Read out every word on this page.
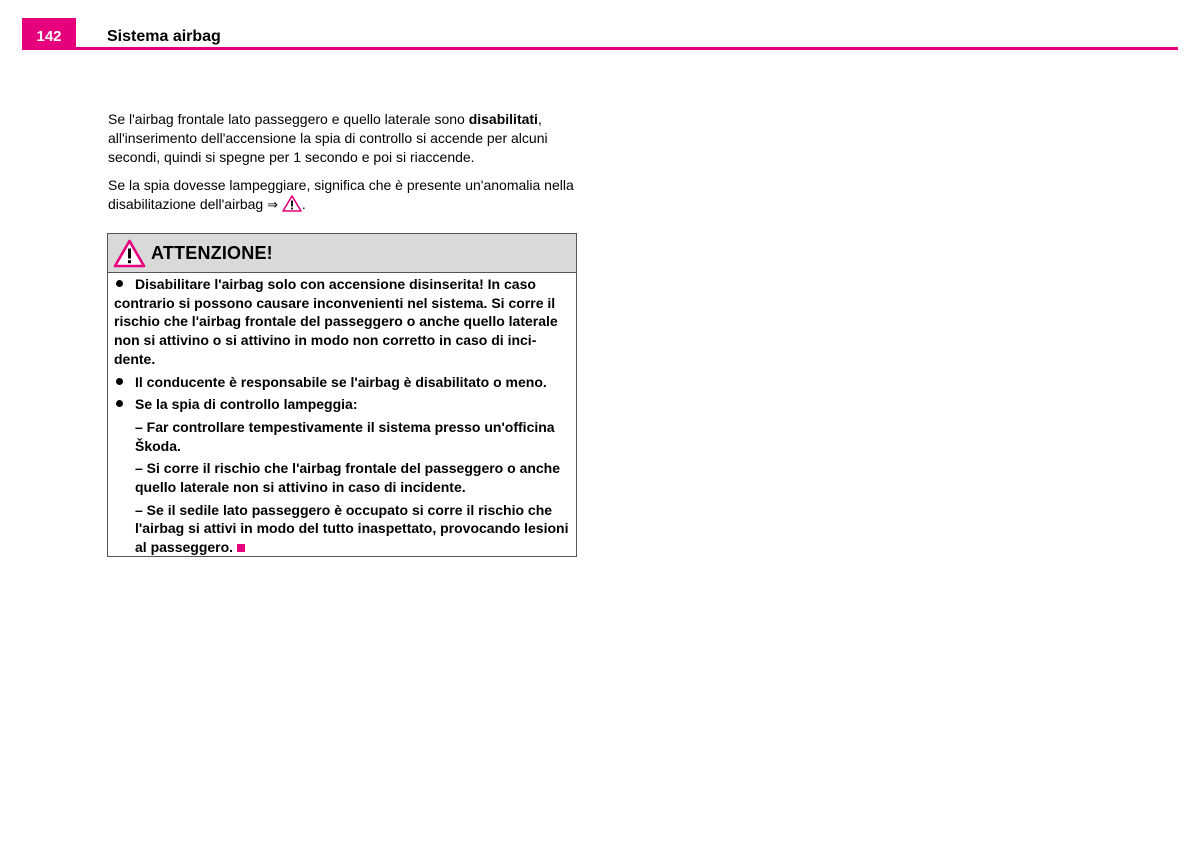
142	Sistema airbag

Se l'airbag frontale lato passeggero e quello laterale sono disabilitati, all'inserimento dell'accensione la spia di controllo si accende per alcuni secondi, quindi si spegne per 1 secondo e poi si riaccende.

Se la spia dovesse lampeggiare, significa che è presente un'anomalia nella disabilitazione dell'airbag ⇒ .

ATTENZIONE!
Disabilitare l'airbag solo con accensione disinserita! In caso contrario si possono causare inconvenienti nel sistema. Si corre il rischio che l'airbag frontale del passeggero o anche quello laterale non si attivino o si attivino in modo non corretto in caso di inci-dente.
Il conducente è responsabile se l'airbag è disabilitato o meno.
Se la spia di controllo lampeggia:
– Far controllare tempestivamente il sistema presso un'officina Škoda.
– Si corre il rischio che l'airbag frontale del passeggero o anche quello laterale non si attivino in caso di incidente.
– Se il sedile lato passeggero è occupato si corre il rischio che l'airbag si attivi in modo del tutto inaspettato, provocando lesioni al passeggero.
